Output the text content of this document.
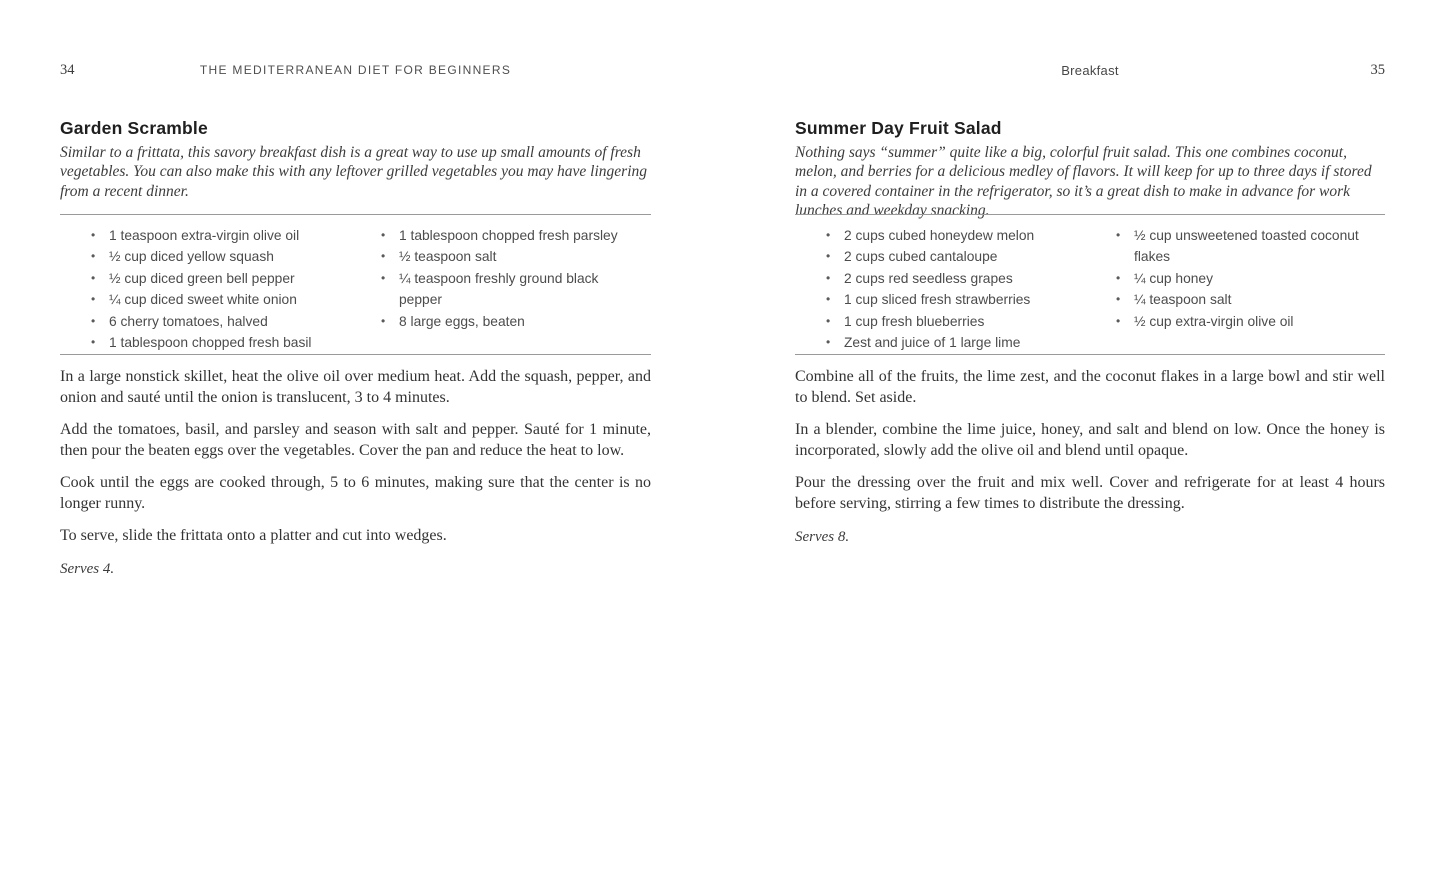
34	THE MEDITERRANEAN DIET FOR BEGINNERS
Garden Scramble
Similar to a frittata, this savory breakfast dish is a great way to use up small amounts of fresh vegetables. You can also make this with any leftover grilled vegetables you may have lingering from a recent dinner.
• 1 teaspoon extra-virgin olive oil
• ½ cup diced yellow squash
• ½ cup diced green bell pepper
• ¼ cup diced sweet white onion
• 6 cherry tomatoes, halved
• 1 tablespoon chopped fresh basil
• 1 tablespoon chopped fresh parsley
• ½ teaspoon salt
• ¼ teaspoon freshly ground black pepper
• 8 large eggs, beaten

In a large nonstick skillet, heat the olive oil over medium heat. Add the squash, pepper, and onion and sauté until the onion is translucent, 3 to 4 minutes.

Add the tomatoes, basil, and parsley and season with salt and pepper. Sauté for 1 minute, then pour the beaten eggs over the vegetables. Cover the pan and reduce the heat to low.

Cook until the eggs are cooked through, 5 to 6 minutes, making sure that the center is no longer runny.

To serve, slide the frittata onto a platter and cut into wedges.

Serves 4.
Breakfast	35
Summer Day Fruit Salad
Nothing says “summer” quite like a big, colorful fruit salad. This one combines coconut, melon, and berries for a delicious medley of flavors. It will keep for up to three days if stored in a covered container in the refrigerator, so it’s a great dish to make in advance for work lunches and weekday snacking.
• 2 cups cubed honeydew melon
• 2 cups cubed cantaloupe
• 2 cups red seedless grapes
• 1 cup sliced fresh strawberries
• 1 cup fresh blueberries
• Zest and juice of 1 large lime
• ½ cup unsweetened toasted coconut flakes
• ¼ cup honey
• ¼ teaspoon salt
• ½ cup extra-virgin olive oil

Combine all of the fruits, the lime zest, and the coconut flakes in a large bowl and stir well to blend. Set aside.

In a blender, combine the lime juice, honey, and salt and blend on low. Once the honey is incorporated, slowly add the olive oil and blend until opaque.

Pour the dressing over the fruit and mix well. Cover and refrigerate for at least 4 hours before serving, stirring a few times to distribute the dressing.

Serves 8.
